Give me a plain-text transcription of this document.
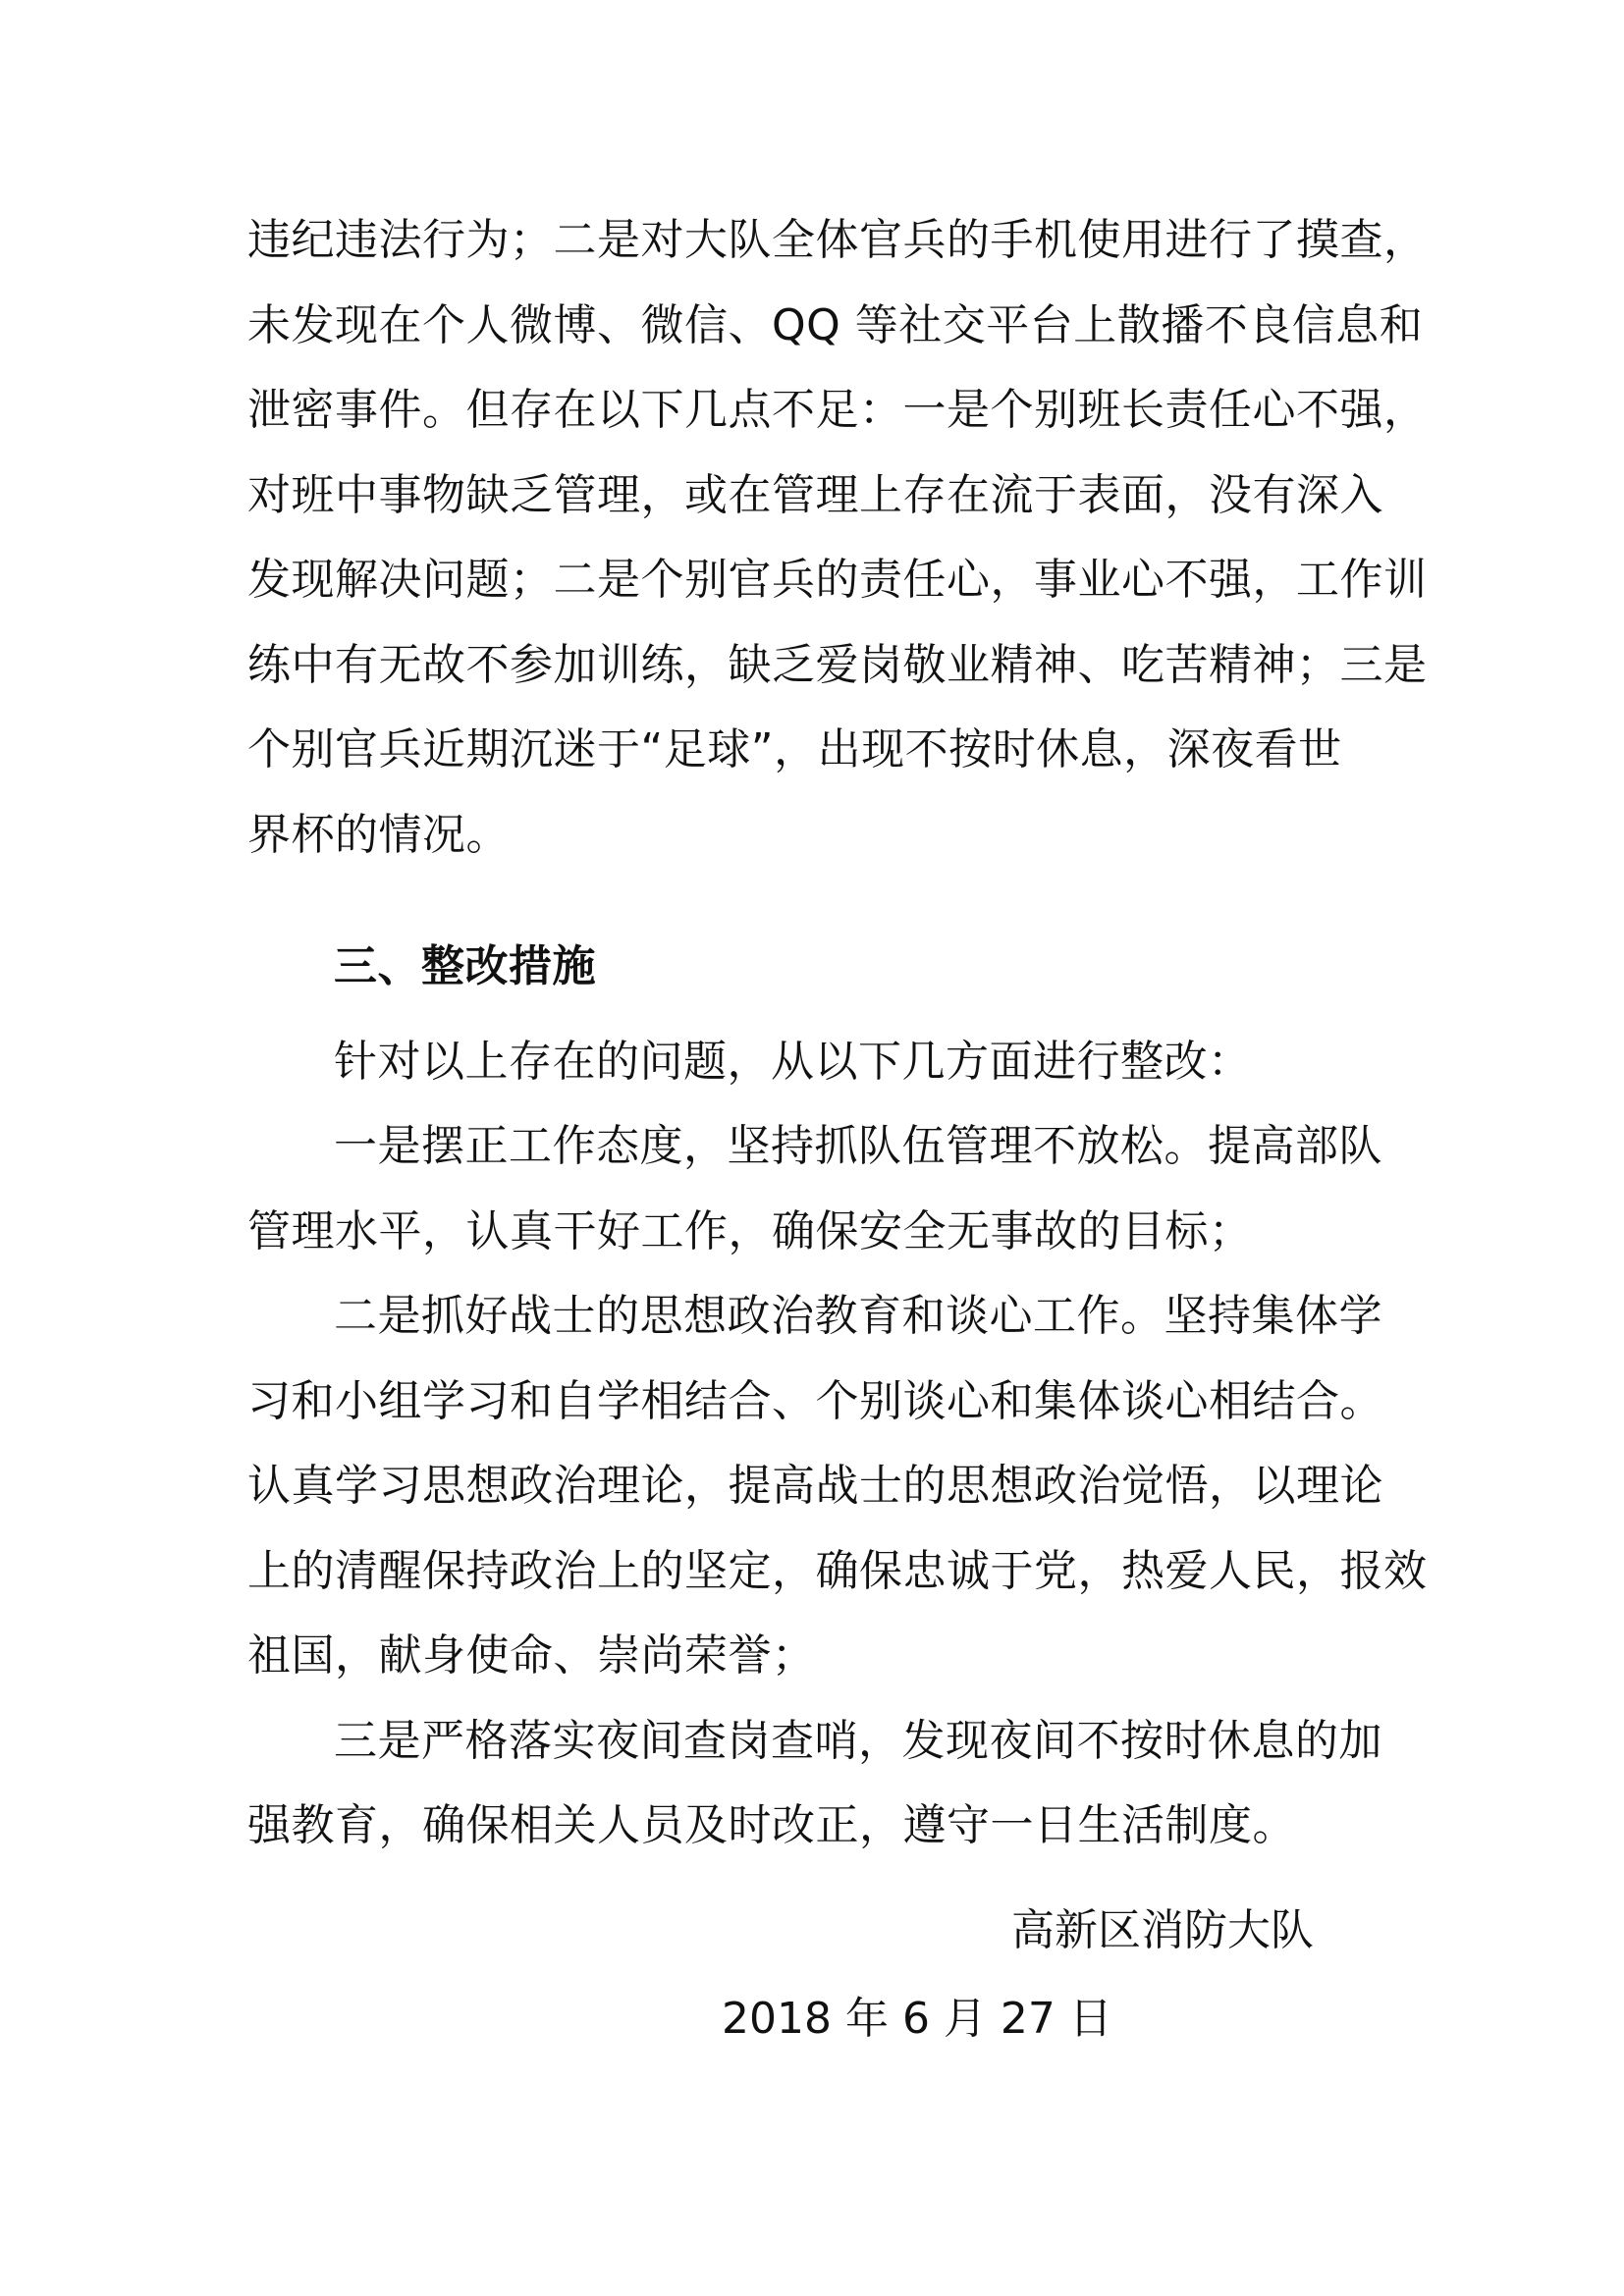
违纪违法行为；二是对大队全体官兵的手机使用进行了摸查，
未发现在个人微博、微信、QQ 等社交平台上散播不良信息和
泄密事件。但存在以下几点不足：一是个别班长责任心不强，
对班中事物缺乏管理，或在管理上存在流于表面，没有深入
发现解决问题；二是个别官兵的责任心，事业心不强，工作训
练中有无故不参加训练，缺乏爱岗敬业精神、吃苦精神；三是
个别官兵近期沉迷于“足球”，出现不按时休息，深夜看世
界杯的情况。
三、整改措施
针对以上存在的问题，从以下几方面进行整改：
一是摆正工作态度，坚持抓队伍管理不放松。提高部队
管理水平，认真干好工作，确保安全无事故的目标；
二是抓好战士的思想政治教育和谈心工作。坚持集体学
习和小组学习和自学相结合、个别谈心和集体谈心相结合。
认真学习思想政治理论，提高战士的思想政治觉悟，以理论
上的清醒保持政治上的坚定，确保忠诚于党，热爱人民，报效
祖国，献身使命、崇尚荣誉；
三是严格落实夜间查岗查哨，发现夜间不按时休息的加
强教育，确保相关人员及时改正，遵守一日生活制度。
高新区消防大队
2018 年 6 月 27 日
